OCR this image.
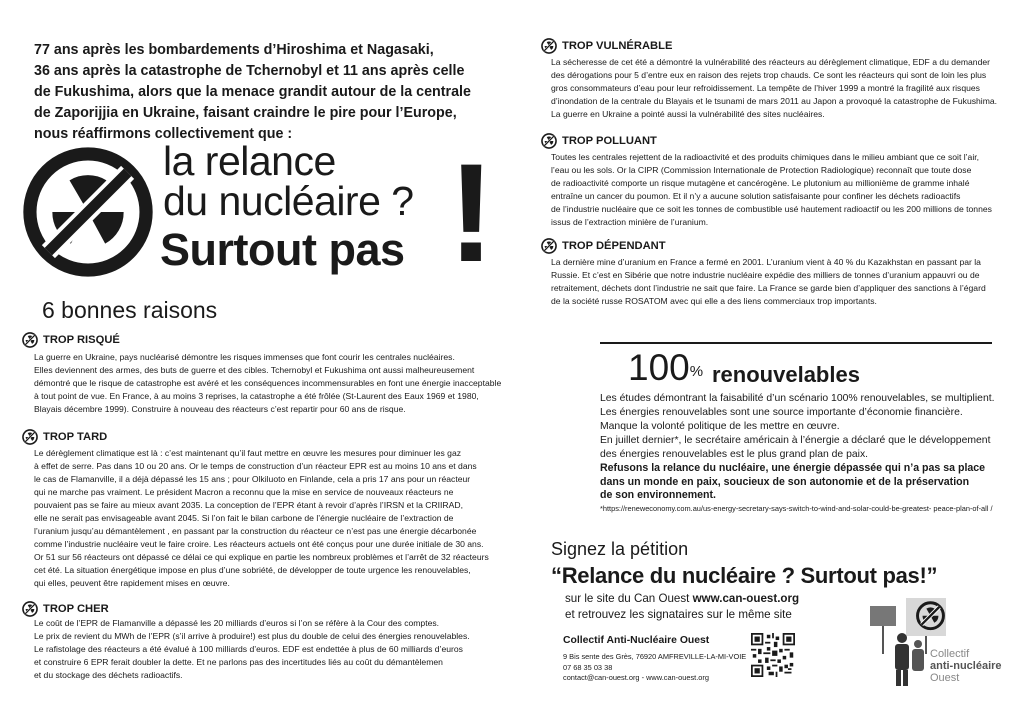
77 ans après les bombardements d’Hiroshima et Nagasaki,
36 ans après la catastrophe de Tchernobyl et 11 ans après celle
de Fukushima, alors que la menace grandit autour de la centrale
de Zaporijjia en Ukraine, faisant craindre le pire pour l’Europe,
nous réaffirmons collectivement que :
la relance
du nucléaire ?
Surtout pas !
6 bonnes raisons
TROP RISQUÉ
La guerre en Ukraine, pays nucléarisé démontre les risques immenses que font courir les centrales nucléaires.
Elles deviennent des armes, des buts de guerre et des cibles. Tchernobyl et Fukushima ont aussi malheureusement
démontré que le risque de catastrophe est avéré et les conséquences incommensurables en font une énergie inacceptable
à tout point de vue. En France, à au moins 3 reprises, la catastrophe a été frôlée (St-Laurent des Eaux 1969 et 1980,
Blayais décembre 1999). Construire à nouveau des réacteurs c’est repartir pour 60 ans de risque.
TROP TARD
Le dérèglement climatique est là : c’est maintenant qu’il faut mettre en œuvre les mesures pour diminuer les gaz
à effet de serre. Pas dans 10 ou 20 ans. Or le temps de construction d’un réacteur EPR est au moins 10 ans et dans
le cas de Flamanville, il a déjà dépassé les 15 ans ; pour Olkiluoto en Finlande, cela a pris 17 ans pour un réacteur
qui ne marche pas vraiment. Le président Macron a reconnu que la mise en service de nouveaux réacteurs ne
pouvaient pas se faire au mieux avant 2035. La conception de l’EPR étant à revoir d’après l’IRSN et la CRIIRAD,
elle ne serait pas envisageable avant 2045. Si l’on fait le bilan carbone de l’énergie nucléaire de l’extraction de
l’uranium jusqu’au démantèlement , en passant par la construction du réacteur ce n’est pas une énergie décarbonée
comme l’industrie nucléaire veut le faire croire. Les réacteurs actuels ont été conçus pour une durée initiale de 30 ans.
Or 51 sur 56 réacteurs ont dépassé ce délai ce qui explique en partie les nombreux problèmes et l’arrêt de 32 réacteurs
cet été. La situation énergétique impose en plus d’une sobriété, de développer de toute urgence les renouvelables,
qui elles, peuvent être rapidement mises en œuvre.
TROP CHER
Le coût de l’EPR de Flamanville a dépassé les 20 milliards d’euros si l’on se réfère à la Cour des comptes.
Le prix de revient du MWh de l’EPR (s’il arrive à produire!) est plus du double de celui des énergies renouvelables.
Le rafistolage des réacteurs a été évalué à 100 milliards d’euros. EDF est endettée à plus de 60 milliards d’euros
et construire 6 EPR ferait doubler la dette. Et ne parlons pas des incertitudes liés au coût du démantèlemen
et du stockage des déchets radioactifs.
TROP VULNÉRABLE
La sécheresse de cet été a démontré la vulnérabilité des réacteurs au dérèglement climatique, EDF a du demander
des dérogations pour 5 d’entre eux en raison des rejets trop chauds. Ce sont les réacteurs qui sont de loin les plus
gros consommateurs d’eau pour leur refroidissement. La tempête de l’hiver 1999 a montré la fragilité aux risques
d’inondation de la centrale du Blayais et le tsunami de mars 2011 au Japon a provoqué la catastrophe de Fukushima.
La guerre en Ukraine a pointé aussi la vulnérabilité des sites nucléaires.
TROP POLLUANT
Toutes les centrales rejettent de la radioactivité et des produits chimiques dans le milieu ambiant que ce soit l’air,
l’eau ou les sols. Or la CIPR (Commission Internationale de Protection Radiologique) reconnaît que toute dose
de radioactivité comporte un risque mutagène et cancérogène. Le plutonium au millionième de gramme inhalé
entraîne un cancer du poumon. Et il n’y a aucune solution satisfaisante pour confiner les déchets radioactifs
de l’industrie nucléaire que ce soit les tonnes de combustible usé hautement radioactif ou les 200 millions de tonnes
issus de l’extraction minière de l’uranium.
TROP DÉPENDANT
La dernière mine d’uranium en France a fermé en 2001. L’uranium vient à 40 % du Kazakhstan en passant par la
Russie. Et c’est en Sibérie que notre industrie nucléaire expédie des milliers de tonnes d’uranium appauvri ou de
retraitement, déchets dont l’industrie ne sait que faire. La France se garde bien d’appliquer des sanctions à l’égard
de la société russe ROSATOM avec qui elle a des liens commerciaux trop importants.
100% renouvelables
Les études démontrant la faisabilité d’un scénario 100% renouvelables, se multiplient.
Les énergies renouvelables sont une source importante d’économie financière.
Manque la volonté politique de les mettre en œuvre.
En juillet dernier*, le secrétaire américain à l’énergie a déclaré que le développement
des énergies renouvelables est le plus grand plan de paix.
Refusons la relance du nucléaire, une énergie dépassée qui n’a pas sa place
dans un monde en paix, soucieux de son autonomie et de la préservation
de son environnement.
*https://reneweconomy.com.au/us-energy-secretary-says-switch-to-wind-and-solar-could-be-greatest- peace-plan-of-all /
Signez la pétition
“Relance du nucléaire ? Surtout pas!”
sur le site du Can Ouest www.can-ouest.org
et retrouvez les signataires sur le même site
Collectif Anti-Nucléaire Ouest
9 Bis sente des Grès, 76920 AMFREVILLE-LA-MI-VOIE
07 68 35 03 38
contact@can-ouest.org - www.can-ouest.org
Collectif
anti-nucléaire
Ouest
